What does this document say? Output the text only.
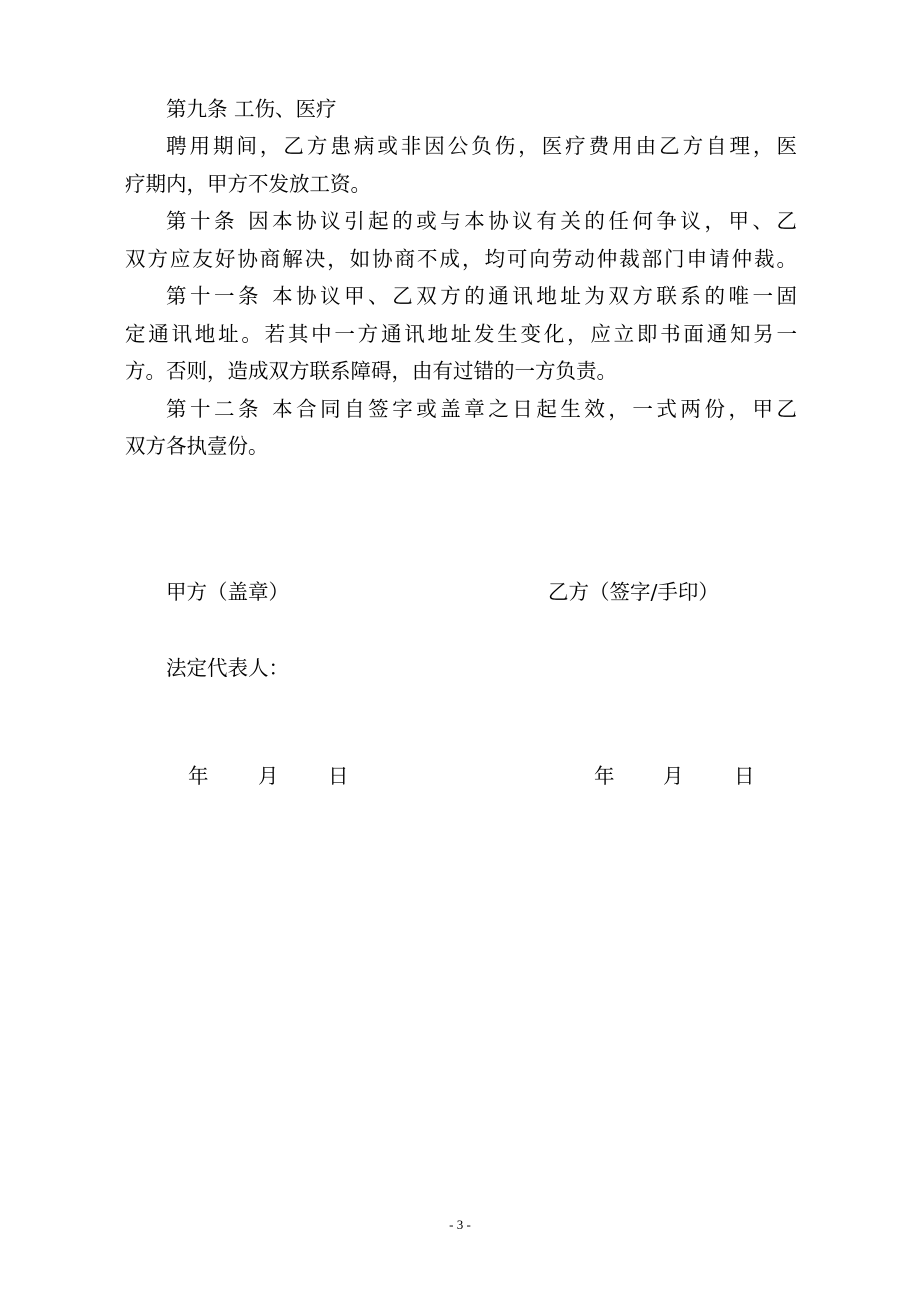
第九条 工伤、医疗
聘用期间，乙方患病或非因公负伤，医疗费用由乙方自理，医
疗期内，甲方不发放工资。
第十条 因本协议引起的或与本协议有关的任何争议，甲、乙
双方应友好协商解决，如协商不成，均可向劳动仲裁部门申请仲裁。
第十一条 本协议甲、乙双方的通讯地址为双方联系的唯一固
定通讯地址。若其中一方通讯地址发生变化，应立即书面通知另一
方。否则，造成双方联系障碍，由有过错的一方负责。
第十二条 本合同自签字或盖章之日起生效，一式两份，甲乙
双方各执壹份。
甲方（盖章）	乙方（签字/手印）
法定代表人：
年 月 日	年 月 日
- 3 -
